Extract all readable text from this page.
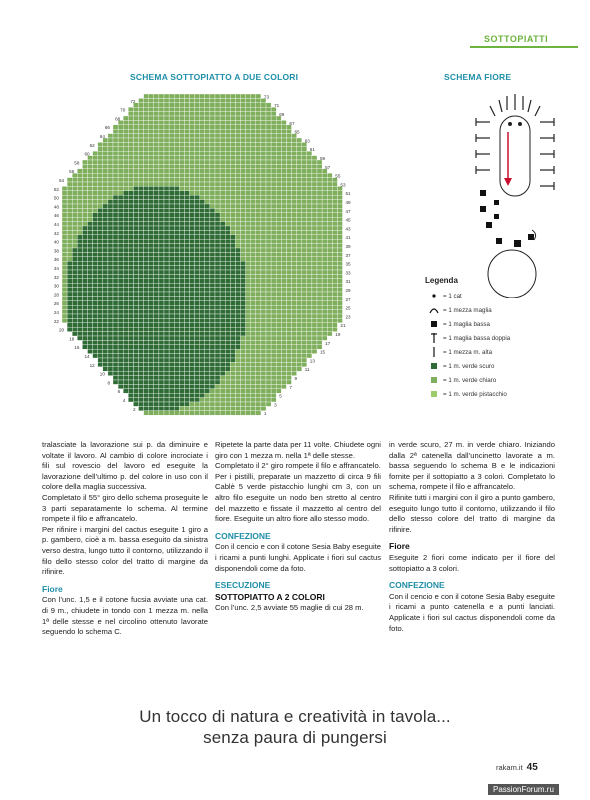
SOTTOPIATTI
SCHEMA SOTTOPIATTO A DUE COLORI	SCHEMA FIORE
2
4
6
8
10
12
14
16
18
20
22
24
26
28
30
32
34
36
38
40
42
44
46
48
50
52
54
56
58
60
62
64
66
68
70
72
1
3
5
7
9
11
13
15
17
19
21
23
25
27
29
31
33
35
37
39
41
43
45
47
49
51
53
55
57
59
61
63
65
67
69
71
73
Legenda
= 1 cat
= 1 mezza maglia
= 1 maglia bassa
= 1 maglia bassa doppia
= 1 mezza m. alta
= 1 m. verde scuro
= 1 m. verde chiaro
= 1 m. verde pistacchio

tralasciate la lavorazione sui p. da diminuire e voltate il lavoro. Al cambio di colore incrociate i fili sul rovescio del lavoro ed eseguite la lavorazione dell’ultimo p. del colore in uso con il colore della maglia successiva.

Completato il 55° giro dello schema proseguite le 3 parti separatamente lo schema. Al termine rompete il filo e affrancatelo.

Per rifinire i margini del cactus eseguite 1 giro a p. gambero, cioè a m. bassa eseguito da sinistra verso destra, lungo tutto il contorno, utilizzando il filo dello stesso color del tratto di margine da rifinire.

Fiore

Con l’unc. 1,5 e il cotone fucsia avviate una cat. di 9 m., chiudete in tondo con 1 mezza m. nella 1ª delle stesse e nel circolino ottenuto lavorate seguendo lo schema C.

Ripetete la parte data per 11 volte. Chiudete ogni giro con 1 mezza m. nella 1ª delle stesse.

Completato il 2° giro rompete il filo e affrancatelo.

Per i pistilli, preparate un mazzetto di circa 9 fili Cablè 5 verde pistacchio lunghi cm 3, con un altro filo eseguite un nodo ben stretto al centro del mazzetto e fissate il mazzetto al centro del fiore. Eseguite un altro fiore allo stesso modo.

CONFEZIONE

Con il cencio e con il cotone Sesia Baby eseguite i ricami a punti lunghi. Applicate i fiori sul cactus disponendoli come da foto.

ESECUZIONE
SOTTOPIATTO A 2 COLORI

Con l’unc. 2,5 avviate 55 maglie di cui 28 m.

in verde scuro, 27 m. in verde chiaro. Iniziando dalla 2ª catenella dall’uncinetto lavorate a m. bassa seguendo lo schema B e le indicazioni fornite per il sottopiatto a 3 colori. Completato lo schema, rompete il filo e affrancatelo.

Rifinite tutti i margini con il giro a punto gambero, eseguito lungo tutto il contorno, utilizzando il filo dello stesso colore del tratto di margine da rifinire.

Fiore

Eseguite 2 fiori come indicato per il fiore del sottopiatto a 3 colori.

CONFEZIONE

Con il cencio e con il cotone Sesia Baby eseguite i ricami a punto catenella e a punti lanciati. Applicate i fiori sul cactus disponendoli come da foto.

Un tocco di natura e creatività in tavola...
senza paura di pungersi
rakam.it 45
PassionForum.ru
